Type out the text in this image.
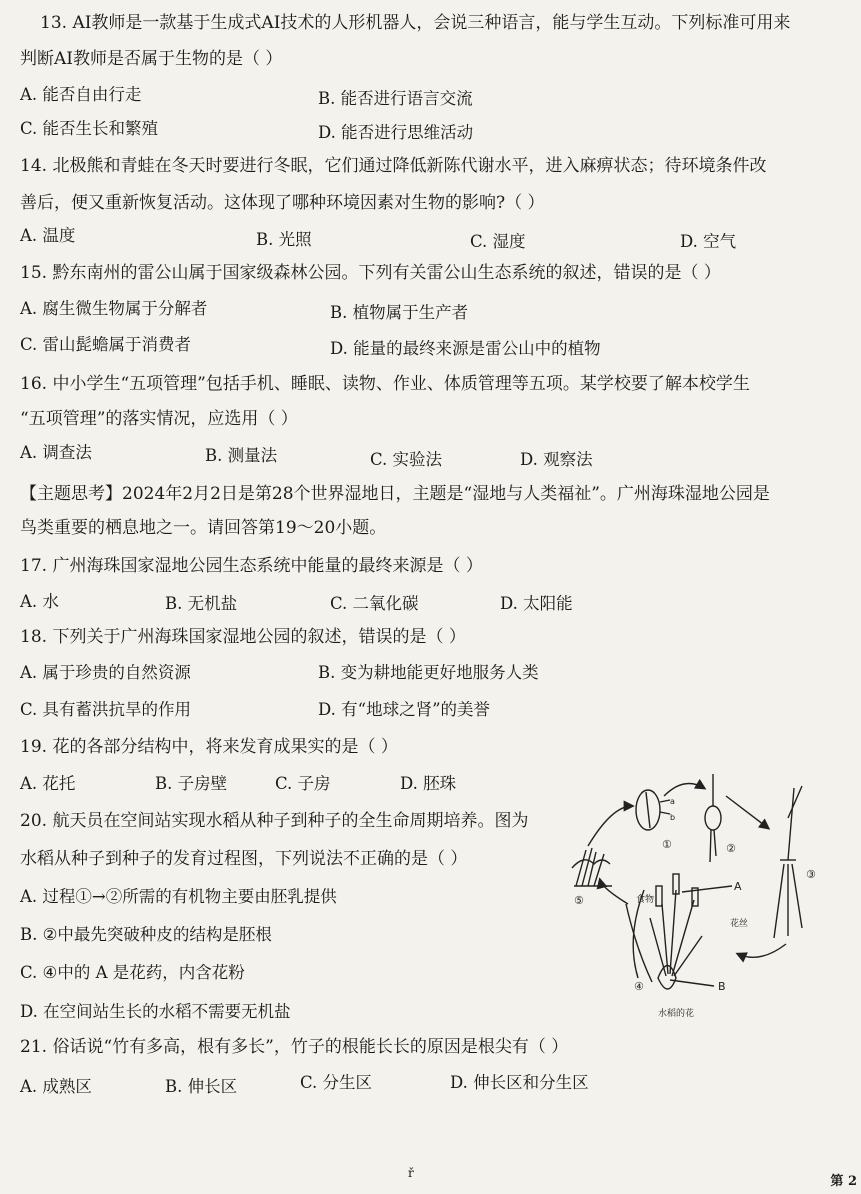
13. AI教师是一款基于生成式AI技术的人形机器人，会说三种语言，能与学生互动。下列标准可用来
判断AI教师是否属于生物的是（ ）
A. 能否自由行走	B. 能否进行语言交流
C. 能否生长和繁殖	D. 能否进行思维活动
14. 北极熊和青蛙在冬天时要进行冬眠，它们通过降低新陈代谢水平，进入麻痹状态；待环境条件改
善后，便又重新恢复活动。这体现了哪种环境因素对生物的影响?（ ）
A. 温度	B. 光照	C. 湿度	D. 空气
15. 黔东南州的雷公山属于国家级森林公园。下列有关雷公山生态系统的叙述，错误的是（ ）
A. 腐生微生物属于分解者	B. 植物属于生产者
C. 雷山髭蟾属于消费者	D. 能量的最终来源是雷公山中的植物
16. 中小学生“五项管理”包括手机、睡眠、读物、作业、体质管理等五项。某学校要了解本校学生
“五项管理”的落实情况，应选用（ ）
A. 调查法	B. 测量法	C. 实验法	D. 观察法
【主题思考】2024年2月2日是第28个世界湿地日，主题是“湿地与人类福祉”。广州海珠湿地公园是
鸟类重要的栖息地之一。请回答第19～20小题。
17. 广州海珠国家湿地公园生态系统中能量的最终来源是（ ）
A. 水	B. 无机盐	C. 二氧化碳	D. 太阳能
18. 下列关于广州海珠国家湿地公园的叙述，错误的是（ ）
A. 属于珍贵的自然资源	B. 变为耕地能更好地服务人类
C. 具有蓄洪抗旱的作用	D. 有“地球之肾”的美誉
19. 花的各部分结构中，将来发育成果实的是（ ）
A. 花托	B. 子房壁	C. 子房	D. 胚珠
20. 航天员在空间站实现水稻从种子到种子的全生命周期培养。图为
水稻从种子到种子的发育过程图，下列说法不正确的是（ ）
A. 过程①→②所需的有机物主要由胚乳提供
B. ②中最先突破种皮的结构是胚根
C. ④中的 A 是花药，内含花粉
D. 在空间站生长的水稻不需要无机盐
①	②
③
④
⑤
A
B
a
b
食物
花丝
水稻的花
21. 俗话说“竹有多高，根有多长”，竹子的根能长长的原因是根尖有（ ）
A. 成熟区	B. 伸长区	C. 分生区	D. 伸长区和分生区
ř
第 2
